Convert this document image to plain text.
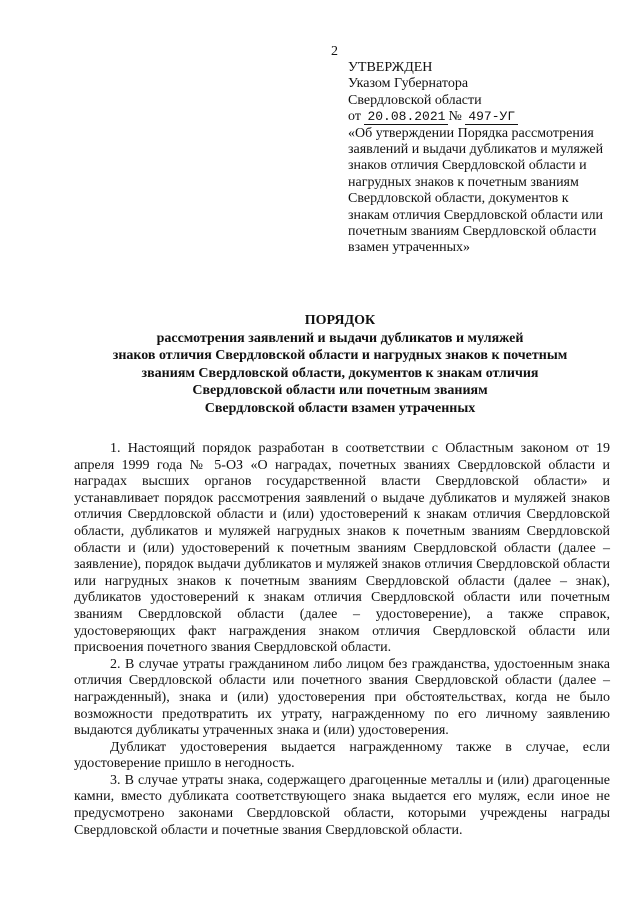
2
УТВЕРЖДЕН
Указом Губернатора
Свердловской области
от 20.08.2021 № 497-УГ
«Об утверждении Порядка рассмотрения заявлений и выдачи дубликатов и муляжей знаков отличия Свердловской области и нагрудных знаков к почетным званиям Свердловской области, документов к знакам отличия Свердловской области или почетным званиям Свердловской области взамен утраченных»
ПОРЯДОК
рассмотрения заявлений и выдачи дубликатов и муляжей
знаков отличия Свердловской области и нагрудных знаков к почетным
званиям Свердловской области, документов к знакам отличия
Свердловской области или почетным званиям
Свердловской области взамен утраченных

1. Настоящий порядок разработан в соответствии с Областным законом от 19 апреля 1999 года № 5-ОЗ «О наградах, почетных званиях Свердловской области и наградах высших органов государственной власти Свердловской области» и устанавливает порядок рассмотрения заявлений о выдаче дубликатов и муляжей знаков отличия Свердловской области и (или) удостоверений к знакам отличия Свердловской области, дубликатов и муляжей нагрудных знаков к почетным званиям Свердловской области и (или) удостоверений к почетным званиям Свердловской области (далее – заявление), порядок выдачи дубликатов и муляжей знаков отличия Свердловской области или нагрудных знаков к почетным званиям Свердловской области (далее – знак), дубликатов удостоверений к знакам отличия Свердловской области или почетным званиям Свердловской области (далее – удостоверение), а также справок, удостоверяющих факт награждения знаком отличия Свердловской области или присвоения почетного звания Свердловской области.

2. В случае утраты гражданином либо лицом без гражданства, удостоенным знака отличия Свердловской области или почетного звания Свердловской области (далее – награжденный), знака и (или) удостоверения при обстоятельствах, когда не было возможности предотвратить их утрату, награжденному по его личному заявлению выдаются дубликаты утраченных знака и (или) удостоверения.

Дубликат удостоверения выдается награжденному также в случае, если удостоверение пришло в негодность.

3. В случае утраты знака, содержащего драгоценные металлы и (или) драгоценные камни, вместо дубликата соответствующего знака выдается его муляж, если иное не предусмотрено законами Свердловской области, которыми учреждены награды Свердловской области и почетные звания Свердловской области.
